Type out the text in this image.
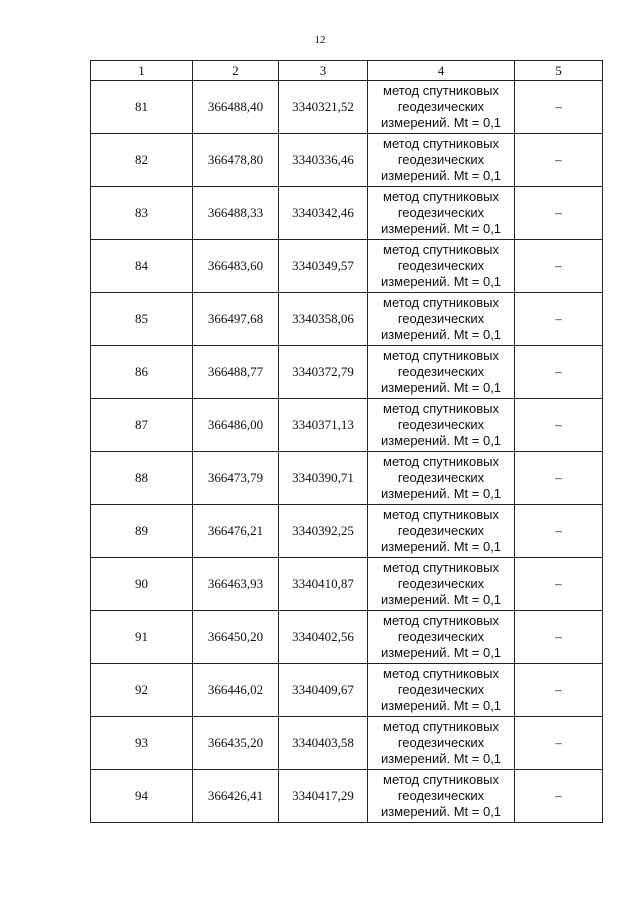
12
1	2	3	4	5
81	366488,40	3340321,52	метод спутниковых
геодезических
измерений. Mt = 0,1	–
82	366478,80	3340336,46	метод спутниковых
геодезических
измерений. Mt = 0,1	–
83	366488,33	3340342,46	метод спутниковых
геодезических
измерений. Mt = 0,1	–
84	366483,60	3340349,57	метод спутниковых
геодезических
измерений. Mt = 0,1	–
85	366497,68	3340358,06	метод спутниковых
геодезических
измерений. Mt = 0,1	–
86	366488,77	3340372,79	метод спутниковых
геодезических
измерений. Mt = 0,1	–
87	366486,00	3340371,13	метод спутниковых
геодезических
измерений. Mt = 0,1	–
88	366473,79	3340390,71	метод спутниковых
геодезических
измерений. Mt = 0,1	–
89	366476,21	3340392,25	метод спутниковых
геодезических
измерений. Mt = 0,1	–
90	366463,93	3340410,87	метод спутниковых
геодезических
измерений. Mt = 0,1	–
91	366450,20	3340402,56	метод спутниковых
геодезических
измерений. Mt = 0,1	–
92	366446,02	3340409,67	метод спутниковых
геодезических
измерений. Mt = 0,1	–
93	366435,20	3340403,58	метод спутниковых
геодезических
измерений. Mt = 0,1	–
94	366426,41	3340417,29	метод спутниковых
геодезических
измерений. Mt = 0,1	–
